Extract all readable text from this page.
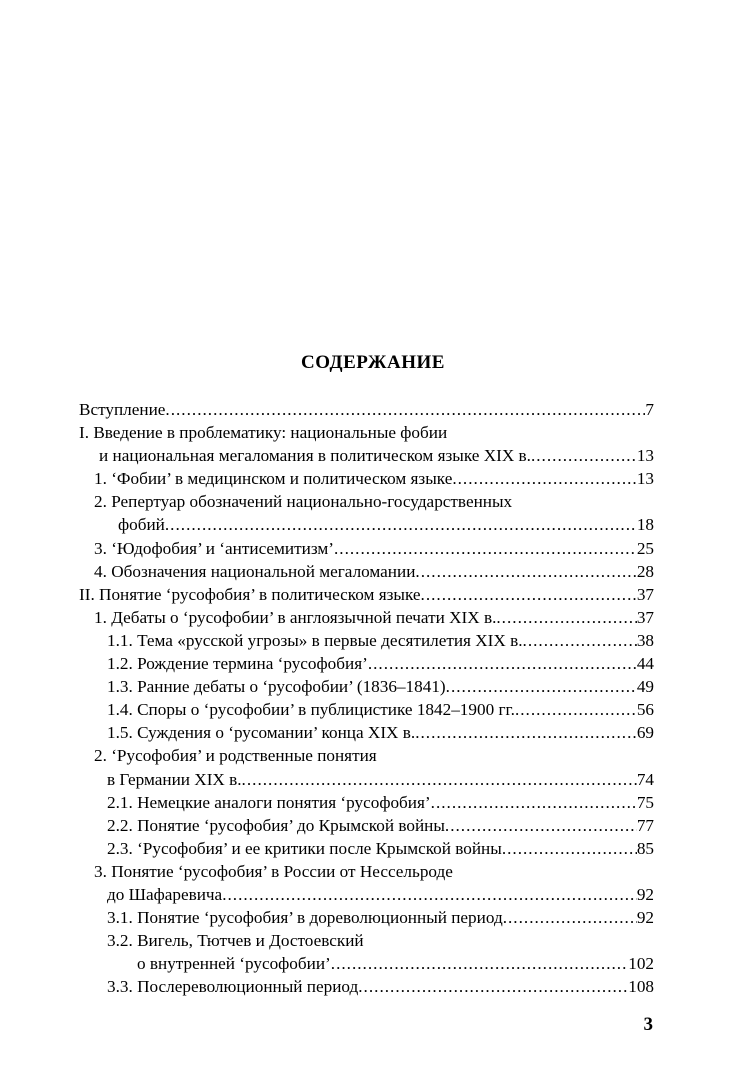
СОДЕРЖАНИЕ
Вступление .....	7
I. Введение в проблематику: национальные фобии
и национальная мегаломания в политическом языке XIX в. .....	13
1. ‘Фобии’ в медицинском и политическом языке .....	13
2. Репертуар обозначений национально-государственных
фобий .....	18
3. ‘Юдофобия’ и ‘антисемитизм’ .....	25
4. Обозначения национальной мегаломании .....	28
II. Понятие ‘русофобия’ в политическом языке .....	37
1. Дебаты о ‘русофобии’ в англоязычной печати XIX в. .....	37
1.1. Тема «русской угрозы» в первые десятилетия XIX в. .....	38
1.2. Рождение термина ‘русофобия’ .....	44
1.3. Ранние дебаты о ‘русофобии’ (1836–1841) .....	49
1.4. Споры о ‘русофобии’ в публицистике 1842–1900 гг. .....	56
1.5. Суждения о ‘русомании’ конца XIX в. .....	69
2. ‘Русофобия’ и родственные понятия
в Германии XIX в. .....	74
2.1. Немецкие аналоги понятия ‘русофобия’ .....	75
2.2. Понятие ‘русофобия’ до Крымской войны .....	77
2.3. ‘Русофобия’ и ее критики после Крымской войны .....	85
3. Понятие ‘русофобия’ в России от Нессельроде
до Шафаревича .....	92
3.1. Понятие ‘русофобия’ в дореволюционный период .....	92
3.2. Вигель, Тютчев и Достоевский
о внутренней ‘русофобии’ .....	102
3.3. Послереволюционный период .....	108
3
